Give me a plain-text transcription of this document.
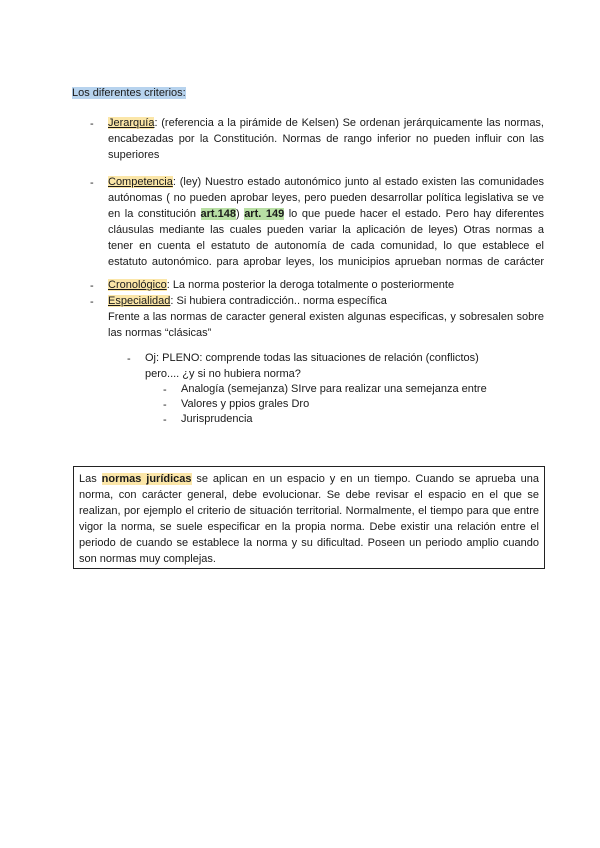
Los diferentes criterios:
- Jerarquía: (referencia a la pirámide de Kelsen) Se ordenan jerárquicamente las normas,
encabezadas por la Constitución. Normas de rango inferior no pueden influir con las
superiores
- Competencia: (ley) Nuestro estado autonómico junto al estado existen las comunidades
autónomas ( no pueden aprobar leyes, pero pueden desarrollar política legislativa se ve
en la constitución art.148) art. 149 lo que puede hacer el estado. Pero hay diferentes
cláusulas mediante las cuales pueden variar la aplicación de leyes) Otras normas a
tener en cuenta el estatuto de autonomía de cada comunidad, lo que establece el
estatuto autonómico. para aprobar leyes, los municipios aprueban normas de carácter
- Cronológico: La norma posterior la deroga totalmente o posteriormente
- Especialidad: Si hubiera contradicción.. norma específica
Frente a las normas de caracter general existen algunas especificas, y sobresalen sobre
las normas “clásicas”
- Oj: PLENO: comprende todas las situaciones de relación (conflictos)
pero.... ¿y si no hubiera norma?
- Analogía (semejanza) SIrve para realizar una semejanza entre
- Valores y ppios grales Dro
- Jurisprudencia
Las normas jurídicas se aplican en un espacio y en un tiempo. Cuando se aprueba una
norma, con carácter general, debe evolucionar. Se debe revisar el espacio en el que se
realizan, por ejemplo el criterio de situación territorial. Normalmente, el tiempo para que entre
vigor la norma, se suele especificar en la propia norma. Debe existir una relación entre el
periodo de cuando se establece la norma y su dificultad. Poseen un periodo amplio cuando
son normas muy complejas.
